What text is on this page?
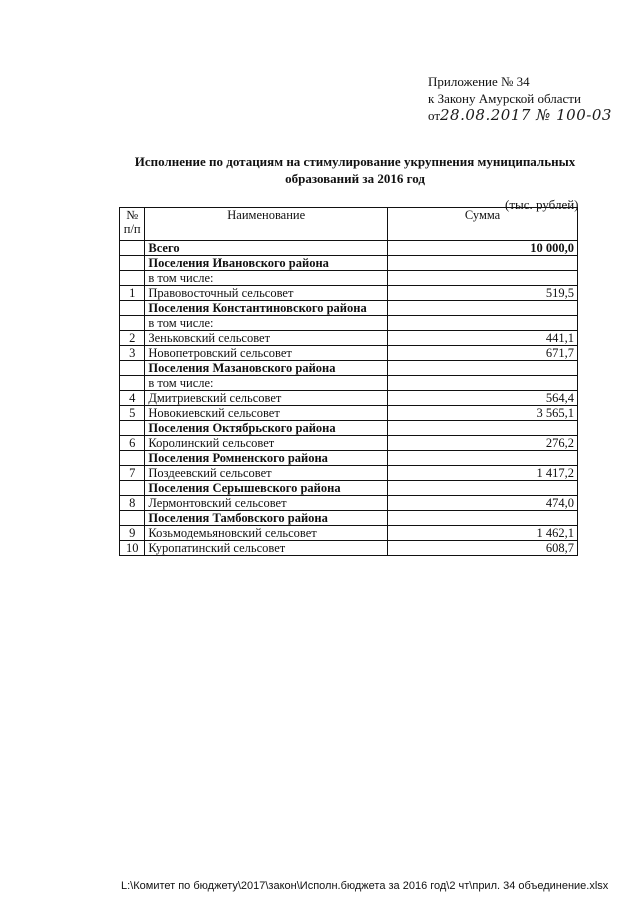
Приложение № 34
к Закону Амурской области
от28.08.2017 № 100-03
Исполнение по дотациям на стимулирование укрупнения муниципальных образований за 2016 год
(тыс. рублей)
№ п/п	Наименование	Сумма
	Всего	10 000,0
	Поселения Ивановского района	
	в том числе:	
1	Правовосточный сельсовет	519,5
	Поселения Константиновского района	
	в том числе:	
2	Зеньковский сельсовет	441,1
3	Новопетровский сельсовет	671,7
	Поселения Мазановского района	
	в том числе:	
4	Дмитриевский сельсовет	564,4
5	Новокиевский сельсовет	3 565,1
	Поселения Октябрьского района	
6	Королинский сельсовет	276,2
	Поселения Ромненского района	
7	Поздеевский сельсовет	1 417,2
	Поселения Серышевского района	
8	Лермонтовский сельсовет	474,0
	Поселения Тамбовского района	
9	Козьмодемьяновский сельсовет	1 462,1
10	Куропатинский сельсовет	608,7
L:\Комитет по бюджету\2017\закон\Исполн.бюджета за 2016 год\2 чт\прил. 34 объединение.xlsx
